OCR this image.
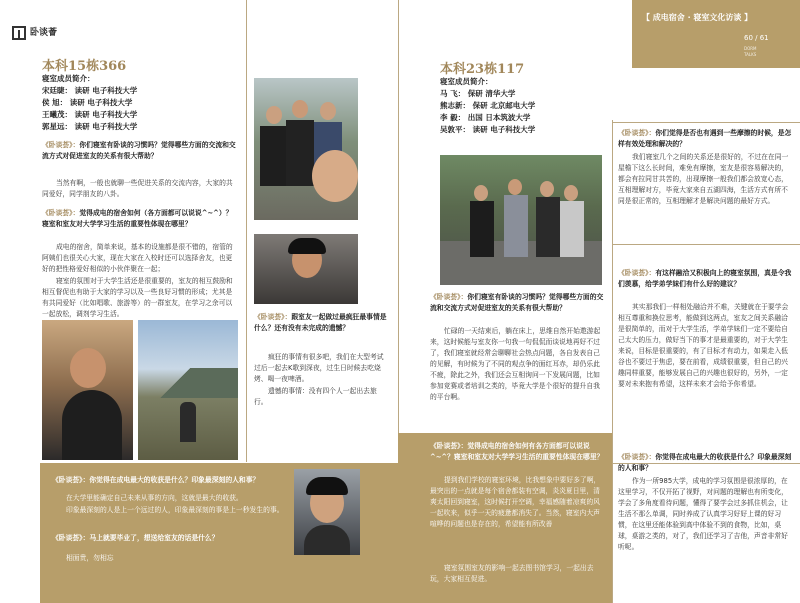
卧谈薈
【 成电宿舍 · 寝室文化访谈 】
60 / 61
DORM
TALKS
本科15栋366
寝室成员简介：
宋廷睫： 读研 电子科技大学
侯 旭： 读研 电子科技大学
王曦茂： 读研 电子科技大学
郭星远： 读研 电子科技大学
《卧谈荟》：你们寝室有卧谈的习惯吗？觉得哪些方面的交流和交流方式对促进室友的关系有很大帮助？
当然有啊，一般也就聊一些促进关系的交流内容，大家的共同爱好，同学朋友的八卦。
《卧谈荟》：觉得成电的宿舍如何（各方面都可以说说^~^）？寝室和室友对大学学习生活的重要性体现在哪里？
成电的宿舍，简单来说，基本的设施都是很不错的，宿管的阿姨们也很关心大家，现在大家在入校时还可以选择舍友，也更好的把性格爱好相似的小伙伴聚在一起；
寝室的氛围对于大学生活还是很重要的，室友的相互鼓励和相互督促也有助于大家的学习以及一些良好习惯的形成；尤其是有共同爱好（比如唱歌、旅游等）的一群室友，在学习之余可以一起放松，调剂学习生活。	《卧谈荟》：跟室友一起做过最疯狂最事情是什么？还有没有未完成的遗憾？
疯狂的事情有很多吧，我们在大型考试过后一起去K歌到深夜，过生日时候去吃烧烤、喝一夜啤酒。
遗憾的事情：没有四个人一起出去旅行。
《卧谈荟》：你觉得在成电最大的收获是什么？印象最深刻的人和事？
在大学里能确定自己未来从事的方向，这就是最大的收获。
印象最深刻的人是上一个远过的人，印象最深刻的事是上一秒发生的事。
《卧谈荟》：马上就要毕业了，想送给室友的话是什么？
相面贵，勿相忘
本科23栋117
寝室成员简介：
马 飞： 保研 清华大学
熊志新： 保研 北京邮电大学
李 毅： 出国 日本筑波大学
吴敦平： 读研 电子科技大学
《卧谈荟》：你们寝室有卧谈的习惯吗？觉得哪些方面的交流和交流方式对促进室友的关系有很大帮助？
忙碌的一天结束后，躺在床上，思维自然开始遨游起来，这时候能与室友你一句我一句侃侃而谈说地再好不过了，我们寝室就经常会聊聊社会热点问题，各自发表自己的见解，有时候为了不同的观点争的面红耳赤，却仍乐此不疲，除此之外，我们还会互相询问一下发展问题，比如参加竞赛或者培训之类的，毕竟大学是个很好的提升自我的平台啊。
《卧谈荟》：觉得成电的宿舍如何有各方面都可以说说^~^？寝室和室友对大学学习生活的重要性体现在哪里？
提到我们学校的寝室环境，比我想象中要好多了啊，最突出的一点就是每个宿舍都装有空调，炎炎夏日里，清爽太阳回到寝室，这时候打开空调，幸福感随着凉爽的风一起吹来，似乎一天的疲惫都消失了。当然，寝室内大声喧哗的问题也是存在的，希望能有所改善
寝室氛围室友的影响一起去图书馆学习，一起出去玩，大家相互促进。
《卧谈荟》：你们觉得是否也有遇到一些摩擦的时候，是怎样有效处理和解决的？
我们寝室几个之间的关系还是很好的，不过在在同一屋檐下这么长时间，难免有摩擦，室友是很容易解决的，都会有拉同甘共苦的，出现摩擦一般我们都会放宽心态，互相理解对方，毕竟大家来自五湖四海，生活方式有所不同是很正常的，互相理解才是解决问题的最好方式。
《卧谈荟》：有这样融洽又积极向上的寝室氛围，真是令我们羡慕，给学弟学妹们有什么好的建议？
其实那我们一样相处融洽并不难，关键就在于要学会相互尊重和换位思考，能做到这两点，室友之间关系融洽是很简单的，而对于大学生活，学弟学妹们一定不要给自己太大的压力，做好当下的事才是最重要的，对于大学生来说，目标是很重要的，有了目标才有动力，如果走入低谷也不要过于焦虑，要在前看，成绩很重要，但自己的兴趣同样重要，能够发展自己的兴趣也很好的，另外，一定要对未来抱有希望，这样未来才会给予你希望。
《卧谈荟》：你觉得在成电最大的收获是什么？印象最深刻的人和事？
作为一所985大学，成电的学习氛围是很浓厚的，在这里学习，不仅开拓了视野，对问题的理解也有所变化，学会了多角度看待问题，懂得了要学会过多抓住机会，让生活不那么单调，同时养成了认真学习好好上课的好习惯，在这里还能体验到高中体验不到的食物，比如，桌球，桌游之类的，对了，我们还学习了吉他，声音非常好听呢。
